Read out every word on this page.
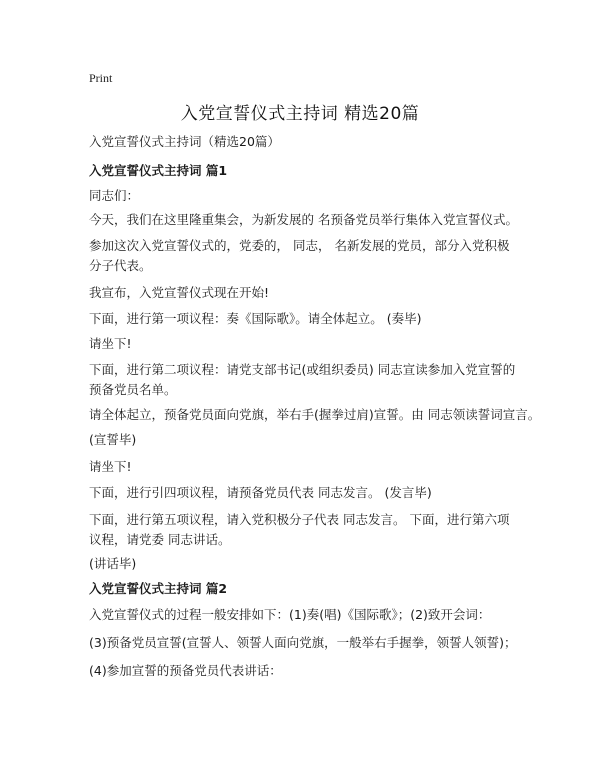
Print
入党宣誓仪式主持词 精选20篇

入党宣誓仪式主持词（精选20篇）

入党宣誓仪式主持词 篇1

同志们：

今天，我们在这里隆重集会，为新发展的 名预备党员举行集体入党宣誓仪式。

参加这次入党宣誓仪式的，党委的， 同志， 名新发展的党员，部分入党积极分子代表。

我宣布，入党宣誓仪式现在开始!

下面，进行第一项议程：奏《国际歌》。请全体起立。 (奏毕)

请坐下!

下面，进行第二项议程：请党支部书记(或组织委员) 同志宣读参加入党宣誓的预备党员名单。

请全体起立，预备党员面向党旗，举右手(握拳过肩)宣誓。由 同志领读誓词宣言。

(宣誓毕)

请坐下!

下面，进行引四项议程，请预备党员代表 同志发言。 (发言毕)

下面，进行第五项议程，请入党积极分子代表 同志发言。 下面，进行第六项议程，请党委 同志讲话。

(讲话毕)

入党宣誓仪式主持词 篇2

入党宣誓仪式的过程一般安排如下：(1)奏(唱)《国际歌》；(2)致开会词：

(3)预备党员宣誓(宣誓人、领誓人面向党旗，一般举右手握拳，领誓人领誓)；

(4)参加宣誓的预备党员代表讲话：
